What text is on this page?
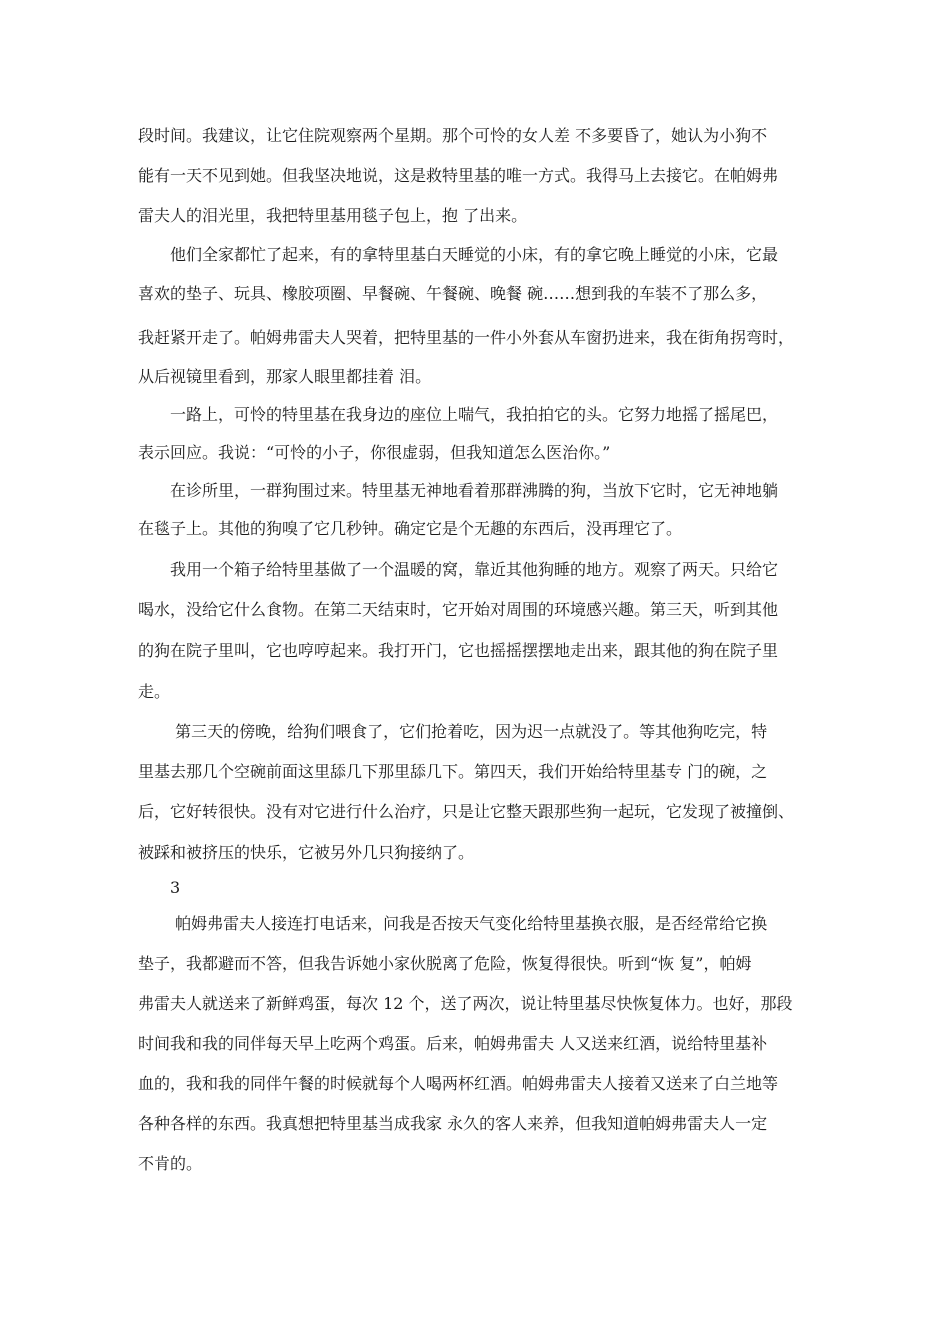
段时间。我建议，让它住院观察两个星期。那个可怜的女人差 不多要昏了，她认为小狗不
能有一天不见到她。但我坚决地说，这是救特里基的唯一方式。我得马上去接它。在帕姆弗
雷夫人的泪光里，我把特里基用毯子包上，抱 了出来。
　　他们全家都忙了起来，有的拿特里基白天睡觉的小床，有的拿它晚上睡觉的小床，它最
喜欢的垫子、玩具、橡胶项圈、早餐碗、午餐碗、晚餐 碗……想到我的车装不了那么多，
我赶紧开走了。帕姆弗雷夫人哭着，把特里基的一件小外套从车窗扔进来，我在街角拐弯时，
从后视镜里看到，那家人眼里都挂着 泪。
　　一路上，可怜的特里基在我身边的座位上喘气，我拍拍它的头。它努力地摇了摇尾巴，
表示回应。我说：“可怜的小子，你很虚弱，但我知道怎么医治你。”
　　在诊所里，一群狗围过来。特里基无神地看着那群沸腾的狗，当放下它时，它无神地躺
在毯子上。其他的狗嗅了它几秒钟。确定它是个无趣的东西后，没再理它了。
　　我用一个箱子给特里基做了一个温暖的窝，靠近其他狗睡的地方。观察了两天。只给它
喝水，没给它什么食物。在第二天结束时，它开始对周围的环境感兴趣。第三天，听到其他
的狗在院子里叫，它也哼哼起来。我打开门，它也摇摇摆摆地走出来，跟其他的狗在院子里
走。
　　 第三天的傍晚，给狗们喂食了，它们抢着吃，因为迟一点就没了。等其他狗吃完，特
里基去那几个空碗前面这里舔几下那里舔几下。第四天，我们开始给特里基专 门的碗，之
后，它好转很快。没有对它进行什么治疗，只是让它整天跟那些狗一起玩，它发现了被撞倒、
被踩和被挤压的快乐，它被另外几只狗接纳了。
　　3
　　 帕姆弗雷夫人接连打电话来，问我是否按天气变化给特里基换衣服，是否经常给它换
垫子，我都避而不答，但我告诉她小家伙脱离了危险，恢复得很快。听到“恢 复”，帕姆
弗雷夫人就送来了新鲜鸡蛋，每次 12 个，送了两次，说让特里基尽快恢复体力。也好，那段
时间我和我的同伴每天早上吃两个鸡蛋。后来，帕姆弗雷夫 人又送来红酒，说给特里基补
血的，我和我的同伴午餐的时候就每个人喝两杯红酒。帕姆弗雷夫人接着又送来了白兰地等
各种各样的东西。我真想把特里基当成我家 永久的客人来养，但我知道帕姆弗雷夫人一定
不肯的。
